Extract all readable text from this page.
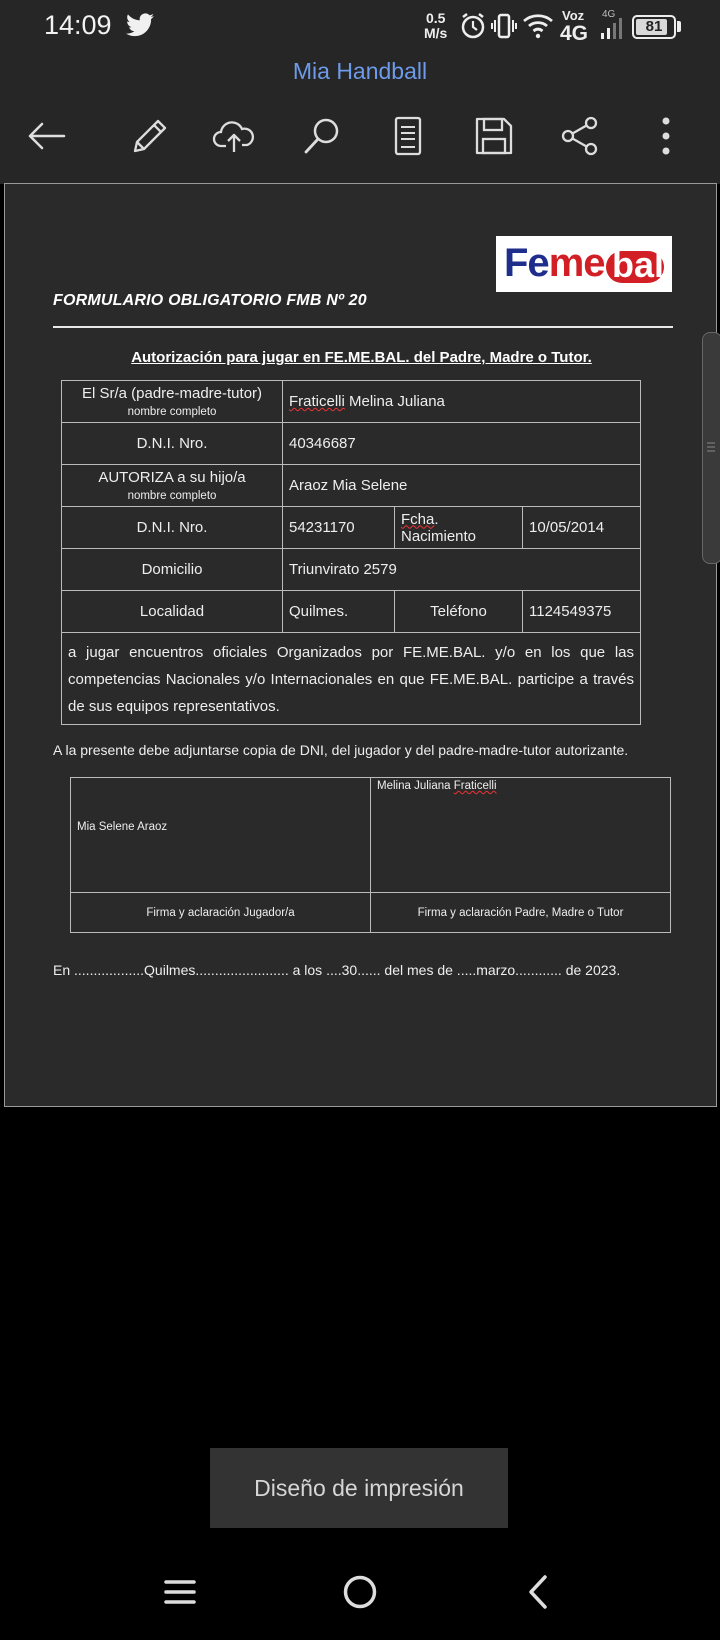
14:09	0.5
M/s
Voz
4G
4G
81
Mia Handball
Feme bal
FORMULARIO OBLIGATORIO FMB Nº 20
Autorización para jugar en FE.ME.BAL. del Padre, Madre o Tutor.
El Sr/a (padre-madre-tutor)
nombre completo	Fraticelli Melina Juliana		
D.N.I. Nro.	40346687		
AUTORIZA a su hijo/a
nombre completo	Araoz Mia Selene		
D.N.I. Nro.	54231170	Fcha. Nacimiento	10/05/2014
Domicilio	Triunvirato 2579		
Localidad	Quilmes.	Teléfono	1124549375
a jugar encuentros oficiales Organizados por FE.ME.BAL. y/o en los que las competencias Nacionales y/o Internacionales en que FE.ME.BAL. participe a través de sus equipos representativos.			
A la presente debe adjuntarse copia de DNI, del jugador y del padre-madre-tutor autorizante.
Mia Selene Araoz	Melina Juliana Fraticelli

Firma y aclaración Jugador/a	Firma y aclaración Padre, Madre o Tutor
En ..................Quilmes........................ a los ....30...... del mes de .....marzo............ de 2023.
Diseño de impresión
